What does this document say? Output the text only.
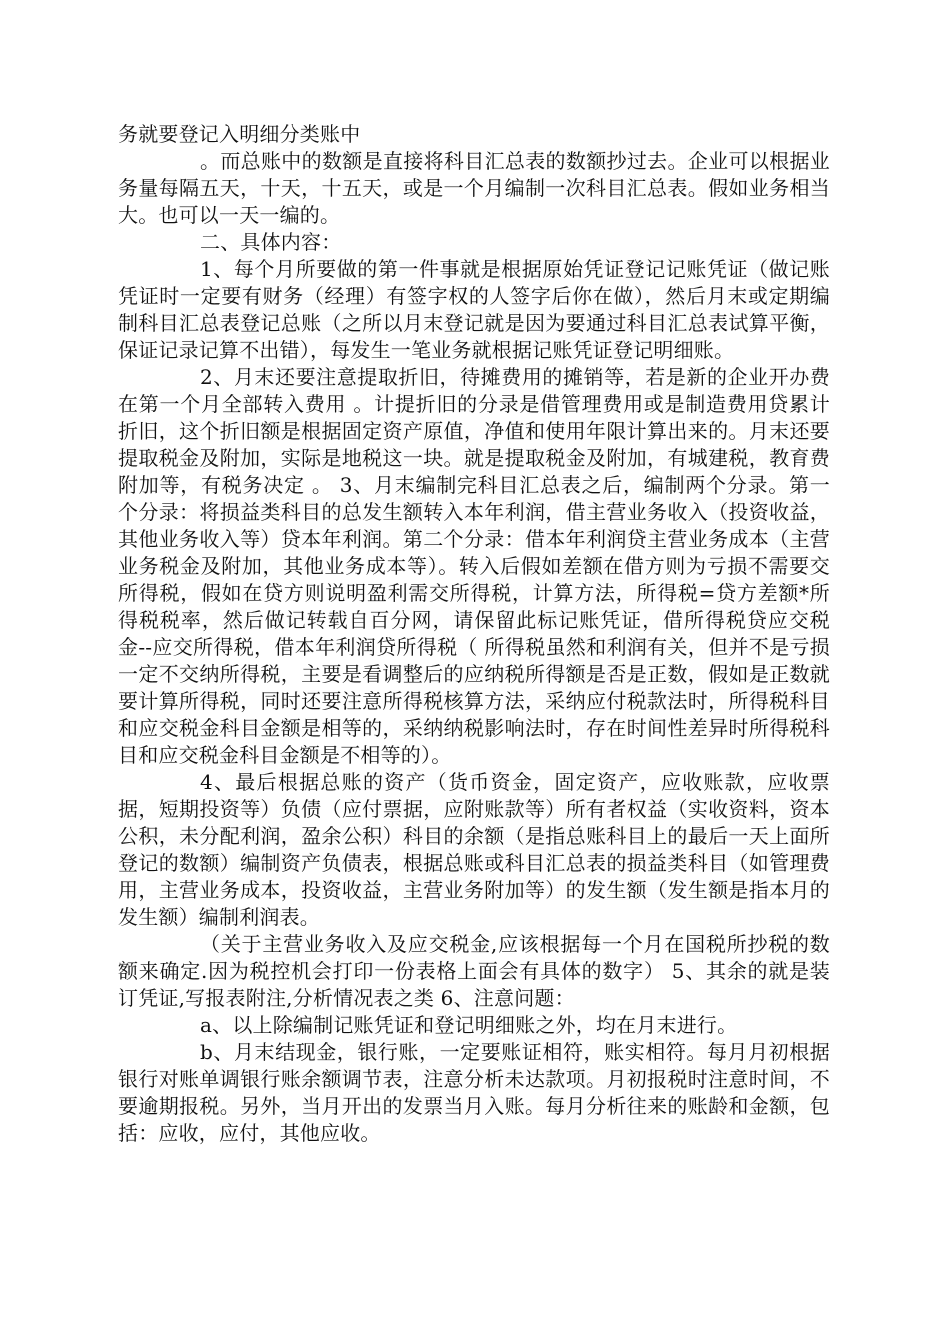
务就要登记入明细分类账中

。而总账中的数额是直接将科目汇总表的数额抄过去。企业可以根据业务量每隔五天，十天，十五天，或是一个月编制一次科目汇总表。假如业务相当大。也可以一天一编的。

二、具体内容：

1、每个月所要做的第一件事就是根据原始凭证登记记账凭证（做记账凭证时一定要有财务（经理）有签字权的人签字后你在做），然后月末或定期编制科目汇总表登记总账（之所以月末登记就是因为要通过科目汇总表试算平衡，保证记录记算不出错），每发生一笔业务就根据记账凭证登记明细账。

2、月末还要注意提取折旧，待摊费用的摊销等，若是新的企业开办费在第一个月全部转入费用 。计提折旧的分录是借管理费用或是制造费用贷累计折旧，这个折旧额是根据固定资产原值，净值和使用年限计算出来的。月末还要提取税金及附加，实际是地税这一块。就是提取税金及附加，有城建税，教育费附加等，有税务决定 。 3、月末编制完科目汇总表之后，编制两个分录。第一个分录：将损益类科目的总发生额转入本年利润，借主营业务收入（投资收益，其他业务收入等）贷本年利润。第二个分录：借本年利润贷主营业务成本（主营业务税金及附加，其他业务成本等）。转入后假如差额在借方则为亏损不需要交所得税，假如在贷方则说明盈利需交所得税，计算方法，所得税=贷方差额*所得税税率，然后做记转载自百分网，请保留此标记账凭证，借所得税贷应交税金--应交所得税，借本年利润贷所得税（ 所得税虽然和利润有关，但并不是亏损一定不交纳所得税，主要是看调整后的应纳税所得额是否是正数，假如是正数就要计算所得税，同时还要注意所得税核算方法，采纳应付税款法时，所得税科目和应交税金科目金额是相等的，采纳纳税影响法时，存在时间性差异时所得税科目和应交税金科目金额是不相等的）。

4、最后根据总账的资产（货币资金，固定资产，应收账款，应收票据，短期投资等）负债（应付票据，应附账款等）所有者权益（实收资料，资本公积，未分配利润，盈余公积）科目的余额（是指总账科目上的最后一天上面所登记的数额）编制资产负债表，根据总账或科目汇总表的损益类科目（如管理费用，主营业务成本，投资收益，主营业务附加等）的发生额（发生额是指本月的发生额）编制利润表。

（关于主营业务收入及应交税金,应该根据每一个月在国税所抄税的数额来确定.因为税控机会打印一份表格上面会有具体的数字） 5、其余的就是装订凭证,写报表附注,分析情况表之类 6、注意问题：

a、以上除编制记账凭证和登记明细账之外，均在月末进行。

b、月末结现金，银行账，一定要账证相符，账实相符。每月月初根据银行对账单调银行账余额调节表，注意分析未达款项。月初报税时注意时间，不要逾期报税。另外，当月开出的发票当月入账。每月分析往来的账龄和金额，包括：应收，应付，其他应收。
